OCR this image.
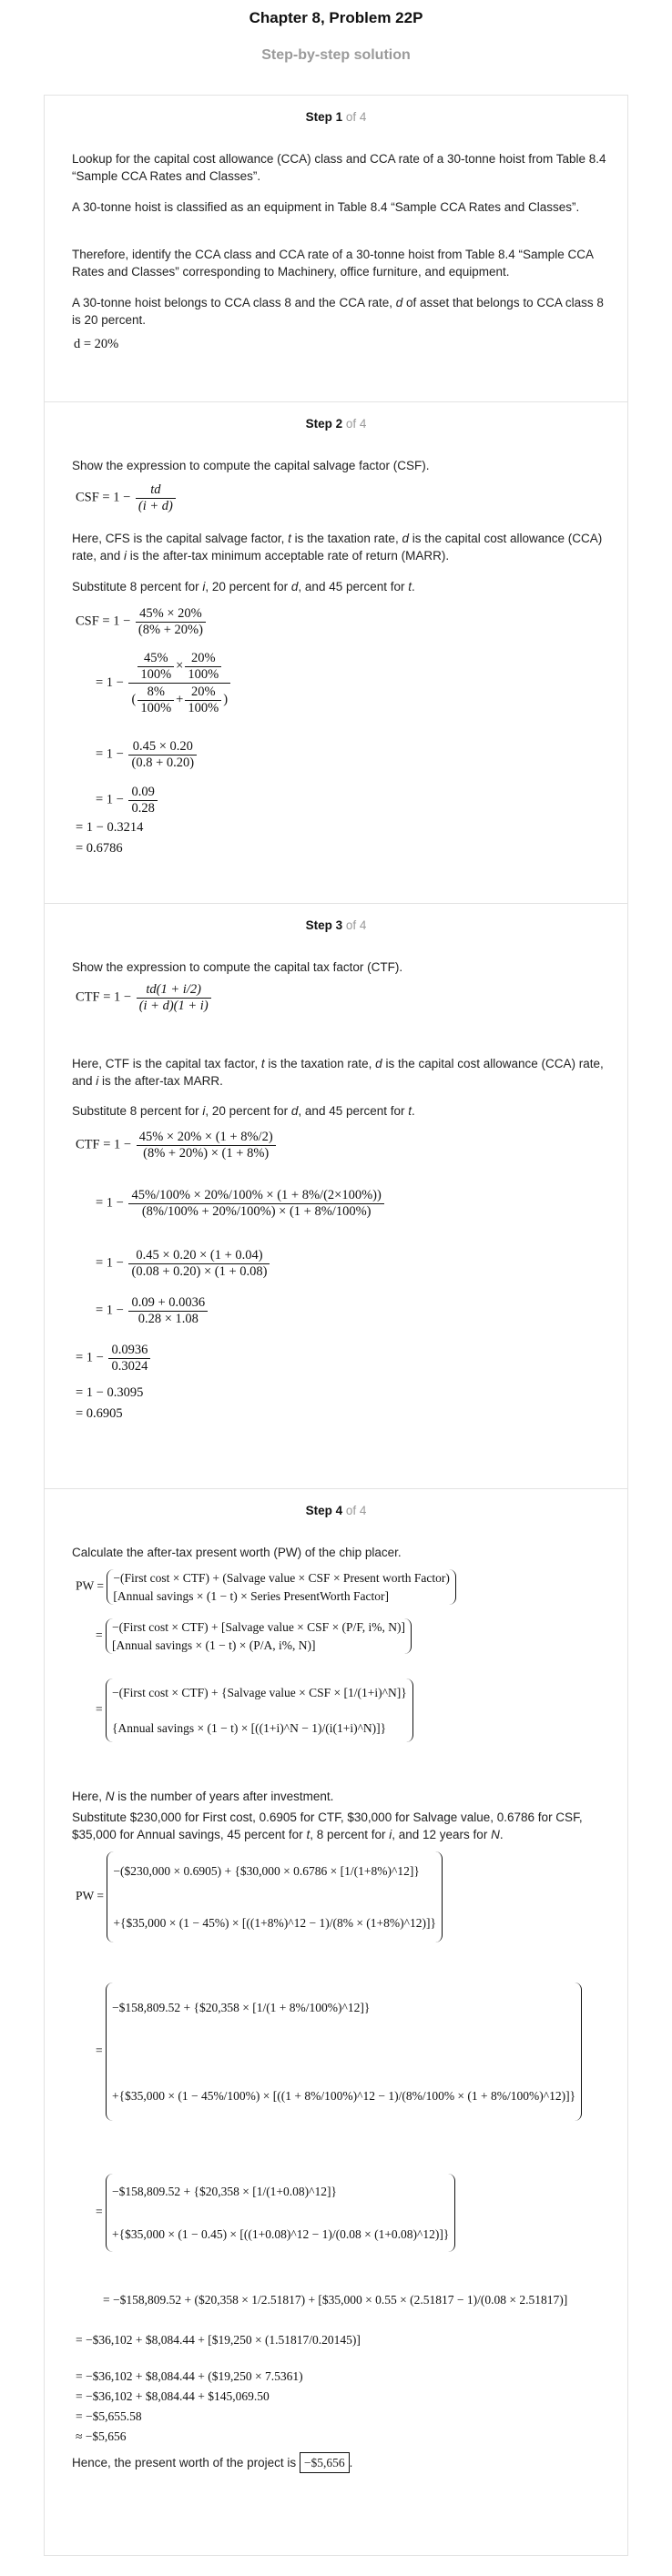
Chapter 8, Problem 22P
Step-by-step solution
Step 1 of 4
Lookup for the capital cost allowance (CCA) class and CCA rate of a 30-tonne hoist from Table 8.4 “Sample CCA Rates and Classes”.
A 30-tonne hoist is classified as an equipment in Table 8.4 “Sample CCA Rates and Classes”.
Therefore, identify the CCA class and CCA rate of a 30-tonne hoist from Table 8.4 “Sample CCA Rates and Classes” corresponding to Machinery, office furniture, and equipment.
A 30-tonne hoist belongs to CCA class 8 and the CCA rate, d of asset that belongs to CCA class 8 is 20 percent.
d = 20%
Step 2 of 4
Show the expression to compute the capital salvage factor (CSF).
CSF = $1 - \frac{td}{(i + d)}$
Here, CFS is the capital salvage factor, t is the taxation rate, d is the capital cost allowance (CCA) rate, and i is the after-tax minimum acceptable rate of return (MARR).
Substitute 8 percent for i, 20 percent for d, and 45 percent for t.
CSF = $1 - \frac{45\% \times 20\%}{(8\% + 20\%)}$
= $1 - \frac{\frac{45\%}{100\%} \times \frac{20\%}{100\%}}{( \frac{8\%}{100\%} + \frac{20\%}{100\%} )}$
= $1 - \frac{0.45 \times 0.20}{(0.8 + 0.20)}$
= $1 - \frac{0.09}{0.28}$
= 1 − 0.3214
= 0.6786
Step 3 of 4
Show the expression to compute the capital tax factor (CTF).
CTF = $1 - \frac{td(1 + i/2)}{(i + d)(1 + i)}$
Here, CTF is the capital tax factor, t is the taxation rate, d is the capital cost allowance (CCA) rate, and i is the after-tax MARR.
Substitute 8 percent for i, 20 percent for d, and 45 percent for t.
CTF = $1 - \frac{45\% \times 20\% \times (1 + 8\%/2)}{(8\% + 20\%) \times (1 + 8\%)}$
= $1 - \frac{45\%/100\% \times 20\%/100\% \times (1 + 8\%/(2\times 100\%))}{(8\%/100\% + 20\%/100\%) \times (1 + 8\%/100\%)}$
= $1 - \frac{0.45 \times 0.20 \times (1 + 0.04)}{(0.08 + 0.20) \times (1 + 0.08)}$
= $1 - \frac{0.09 + 0.0036}{0.28 \times 1.08}$
= $1 - \frac{0.0936}{0.3024}$
= 1 − 0.3095
= 0.6905
Step 4 of 4
Calculate the after-tax present worth (PW) of the chip placer.
PW =
−(First cost × CTF) + (Salvage value × CSF × Present worth Factor)
[Annual savings × (1 − t) × Series PresentWorth Factor]
=
−(First cost × CTF) + [Salvage value × CSF × (P/F, i%, N)]
[Annual savings × (1 − t) × (P/A, i%, N)]
=
−(First cost × CTF) + {Salvage value × CSF × [1/(1+i)^N]}
{Annual savings × (1 − t) × [((1+i)^N − 1)/(i(1+i)^N)]}
Here, N is the number of years after investment.
Substitute $230,000 for First cost, 0.6905 for CTF, $30,000 for Salvage value, 0.6786 for CSF, $35,000 for Annual savings, 45 percent for t, 8 percent for i, and 12 years for N.
PW =
−($230,000 × 0.6905) + {$30,000 × 0.6786 × [1/(1+8%)^12]}
+{$35,000 × (1 − 45%) × [((1+8%)^12 − 1)/(8% × (1+8%)^12)]}
=
−$158,809.52 + {$20,358 × [1/(1 + 8%/100%)^12]}
+{$35,000 × (1 − 45%/100%) × [((1 + 8%/100%)^12 − 1)/(8%/100% × (1 + 8%/100%)^12)]}
=
−$158,809.52 + {$20,358 × [1/(1+0.08)^12]}
+{$35,000 × (1 − 0.45) × [((1+0.08)^12 − 1)/(0.08 × (1+0.08)^12)]}
= −$158,809.52 + ($20,358 × 1/2.51817) + [$35,000 × 0.55 × (2.51817 − 1)/(0.08 × 2.51817)]
= −$36,102 + $8,084.44 + [$19,250 × (1.51817/0.20145)]
= −$36,102 + $8,084.44 + ($19,250 × 7.5361)
= −$36,102 + $8,084.44 + $145,069.50
= −$5,655.58
≈ −$5,656
Hence, the present worth of the project is −$5,656 .
